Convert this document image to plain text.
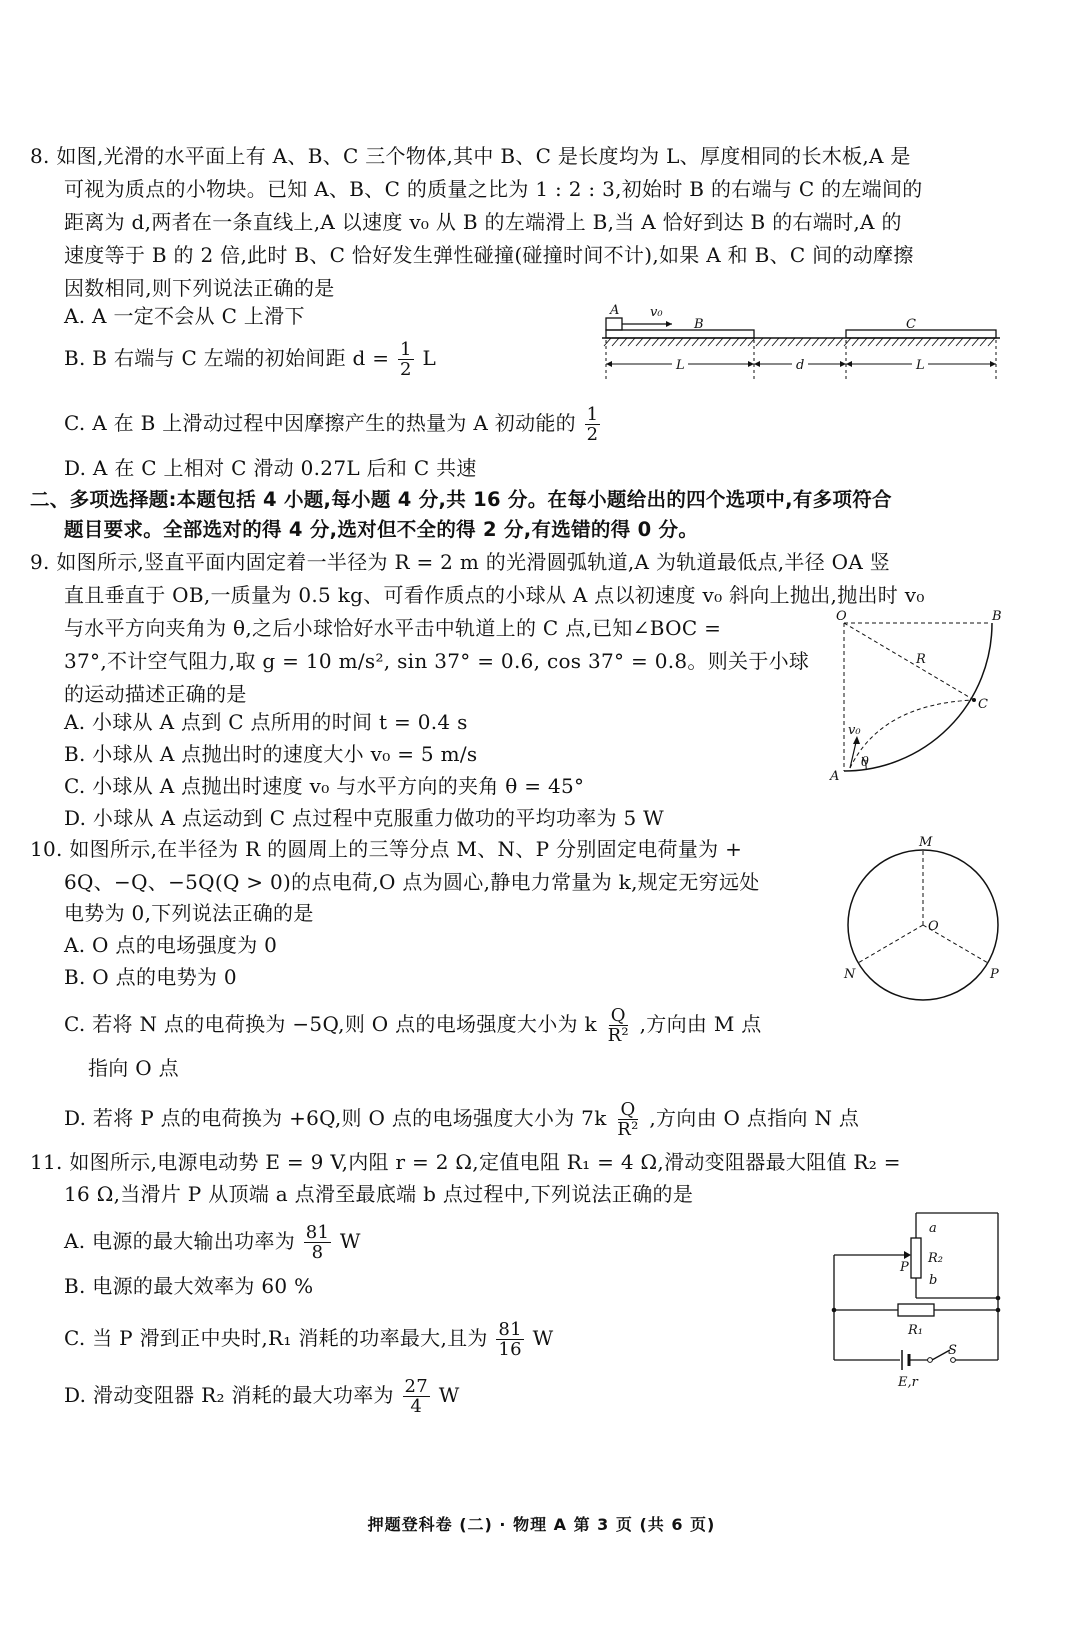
8. 如图,光滑的水平面上有 A、B、C 三个物体,其中 B、C 是长度均为 L、厚度相同的长木板,A 是
可视为质点的小物块。已知 A、B、C 的质量之比为 1 : 2 : 3,初始时 B 的右端与 C 的左端间的
距离为 d,两者在一条直线上,A 以速度 v₀ 从 B 的左端滑上 B,当 A 恰好到达 B 的右端时,A 的
速度等于 B 的 2 倍,此时 B、C 恰好发生弹性碰撞(碰撞时间不计),如果 A 和 B、C 间的动摩擦
因数相同,则下列说法正确的是
A. A 一定不会从 C 上滑下
B. B 右端与 C 左端的初始间距 $d = \frac{1}{2}$ L
C. A 在 B 上滑动过程中因摩擦产生的热量为 A 初动能的 $\frac{1}{2}$
D. A 在 C 上相对 C 滑动 0.27L 后和 C 共速
A v₀
B	C
L	d	L
二、多项选择题:本题包括 4 小题,每小题 4 分,共 16 分。在每小题给出的四个选项中,有多项符合
题目要求。全部选对的得 4 分,选对但不全的得 2 分,有选错的得 0 分。
9. 如图所示,竖直平面内固定着一半径为 R = 2 m 的光滑圆弧轨道,A 为轨道最低点,半径 OA 竖
直且垂直于 OB,一质量为 0.5 kg、可看作质点的小球从 A 点以初速度 v₀ 斜向上抛出,抛出时 v₀
与水平方向夹角为 θ,之后小球恰好水平击中轨道上的 C 点,已知∠BOC =
37°,不计空气阻力,取 g = 10 m/s², sin 37° = 0.6, cos 37° = 0.8。则关于小球
的运动描述正确的是
A. 小球从 A 点到 C 点所用的时间 t = 0.4 s
B. 小球从 A 点抛出时的速度大小 v₀ = 5 m/s
C. 小球从 A 点抛出时速度 v₀ 与水平方向的夹角 θ = 45°
D. 小球从 A 点运动到 C 点过程中克服重力做功的平均功率为 5 W
O	B
R
C
v₀
θ
A
10. 如图所示,在半径为 R 的圆周上的三等分点 M、N、P 分别固定电荷量为 +
6Q、−Q、−5Q(Q > 0)的点电荷,O 点为圆心,静电力常量为 k,规定无穷远处
电势为 0,下列说法正确的是
A. O 点的电场强度为 0
B. O 点的电势为 0
C. 若将 N 点的电荷换为 −5Q,则 O 点的电场强度大小为 k $\frac{Q}{\text{R²}}$ ,方向由 M 点
指向 O 点
D. 若将 P 点的电荷换为 +6Q,则 O 点的电场强度大小为 $7k \frac{Q}{\text{R²}}$ ,方向由 O 点指向 N 点
M
O
N	P
11. 如图所示,电源电动势 E = 9 V,内阻 r = 2 Ω,定值电阻 R₁ = 4 Ω,滑动变阻器最大阻值 R₂ =
16 Ω,当滑片 P 从顶端 a 点滑至最底端 b 点过程中,下列说法正确的是
A. 电源的最大输出功率为 $\frac{81}{8}$ W
B. 电源的最大效率为 60 %
C. 当 P 滑到正中央时,R₁ 消耗的功率最大,且为 $\frac{81}{16}$ W
D. 滑动变阻器 R₂ 消耗的最大功率为 $\frac{27}{4}$ W
a
R₂
P
b
R₁
S
E,r
押题登科卷 (二) · 物理 A 第 3 页 (共 6 页)
